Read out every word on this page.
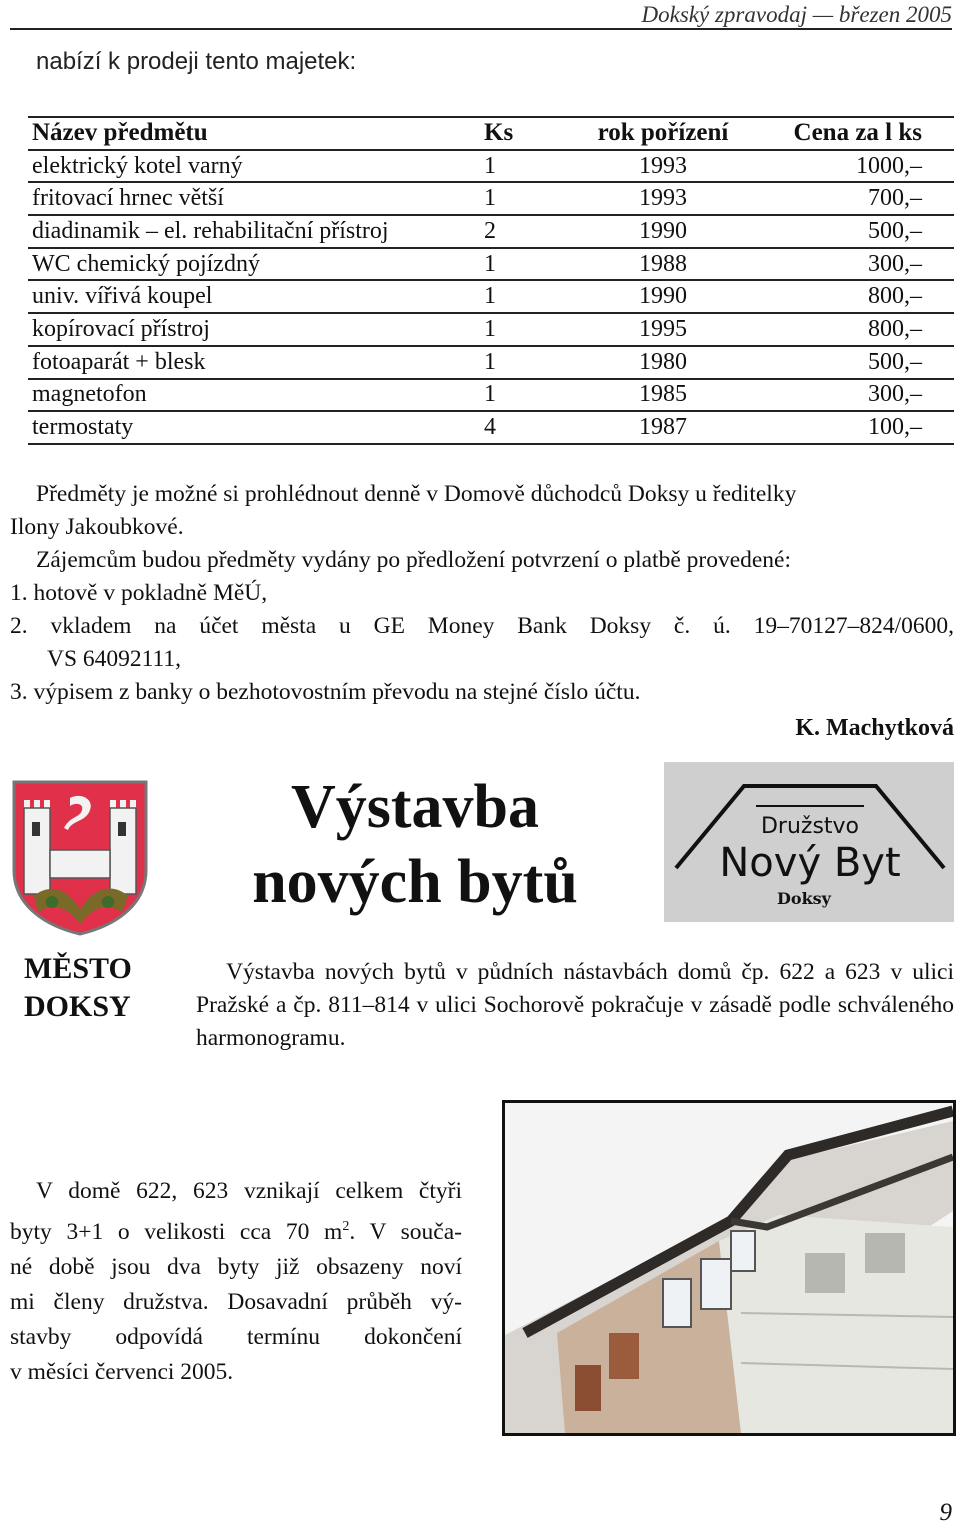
Dokský zpravodaj — březen 2005
nabízí k prodeji tento majetek:
Název předmětu	Ks	rok pořízení	Cena za l ks
elektrický kotel varný	1	1993	1000,–
fritovací hrnec větší	1	1993	700,–
diadinamik – el. rehabilitační přístroj	2	1990	500,–
WC chemický pojízdný	1	1988	300,–
univ. vířivá koupel	1	1990	800,–
kopírovací přístroj	1	1995	800,–
fotoaparát + blesk	1	1980	500,–
magnetofon	1	1985	300,–
termostaty	4	1987	100,–

Předměty je možné si prohlédnout denně v Domově důchodců Doksy u ředitelky

Ilony Jakoubkové.

Zájemcům budou předměty vydány po předložení potvrzení o platbě provedené:

1. hotově v pokladně MěÚ,

2. vkladem na účet města u GE Money Bank Doksy č. ú. 19–70127–824/0600,

VS 64092111,

3. výpisem z banky o bezhotovostním převodu na stejné číslo účtu.

K. Machytková

MĚSTO
DOKSY
Výstavba
nových bytů
Družstvo
Nový Byt
Doksy
Výstavba nových bytů v půdních nástavbách domů čp. 622 a 623 v ulici Pražské a čp. 811–814 v ulici Sochorově pokračuje v zásadě podle schváleného harmonogramu.
V domě 622, 623 vznikají celkem čtyři
byty 3+1 o velikosti cca 70 $m^2$. V souča-
né době jsou dva byty již obsazeny noví
mi členy družstva. Dosavadní průběh vý-
stavby odpovídá termínu dokončení
v měsíci červenci 2005.
9
